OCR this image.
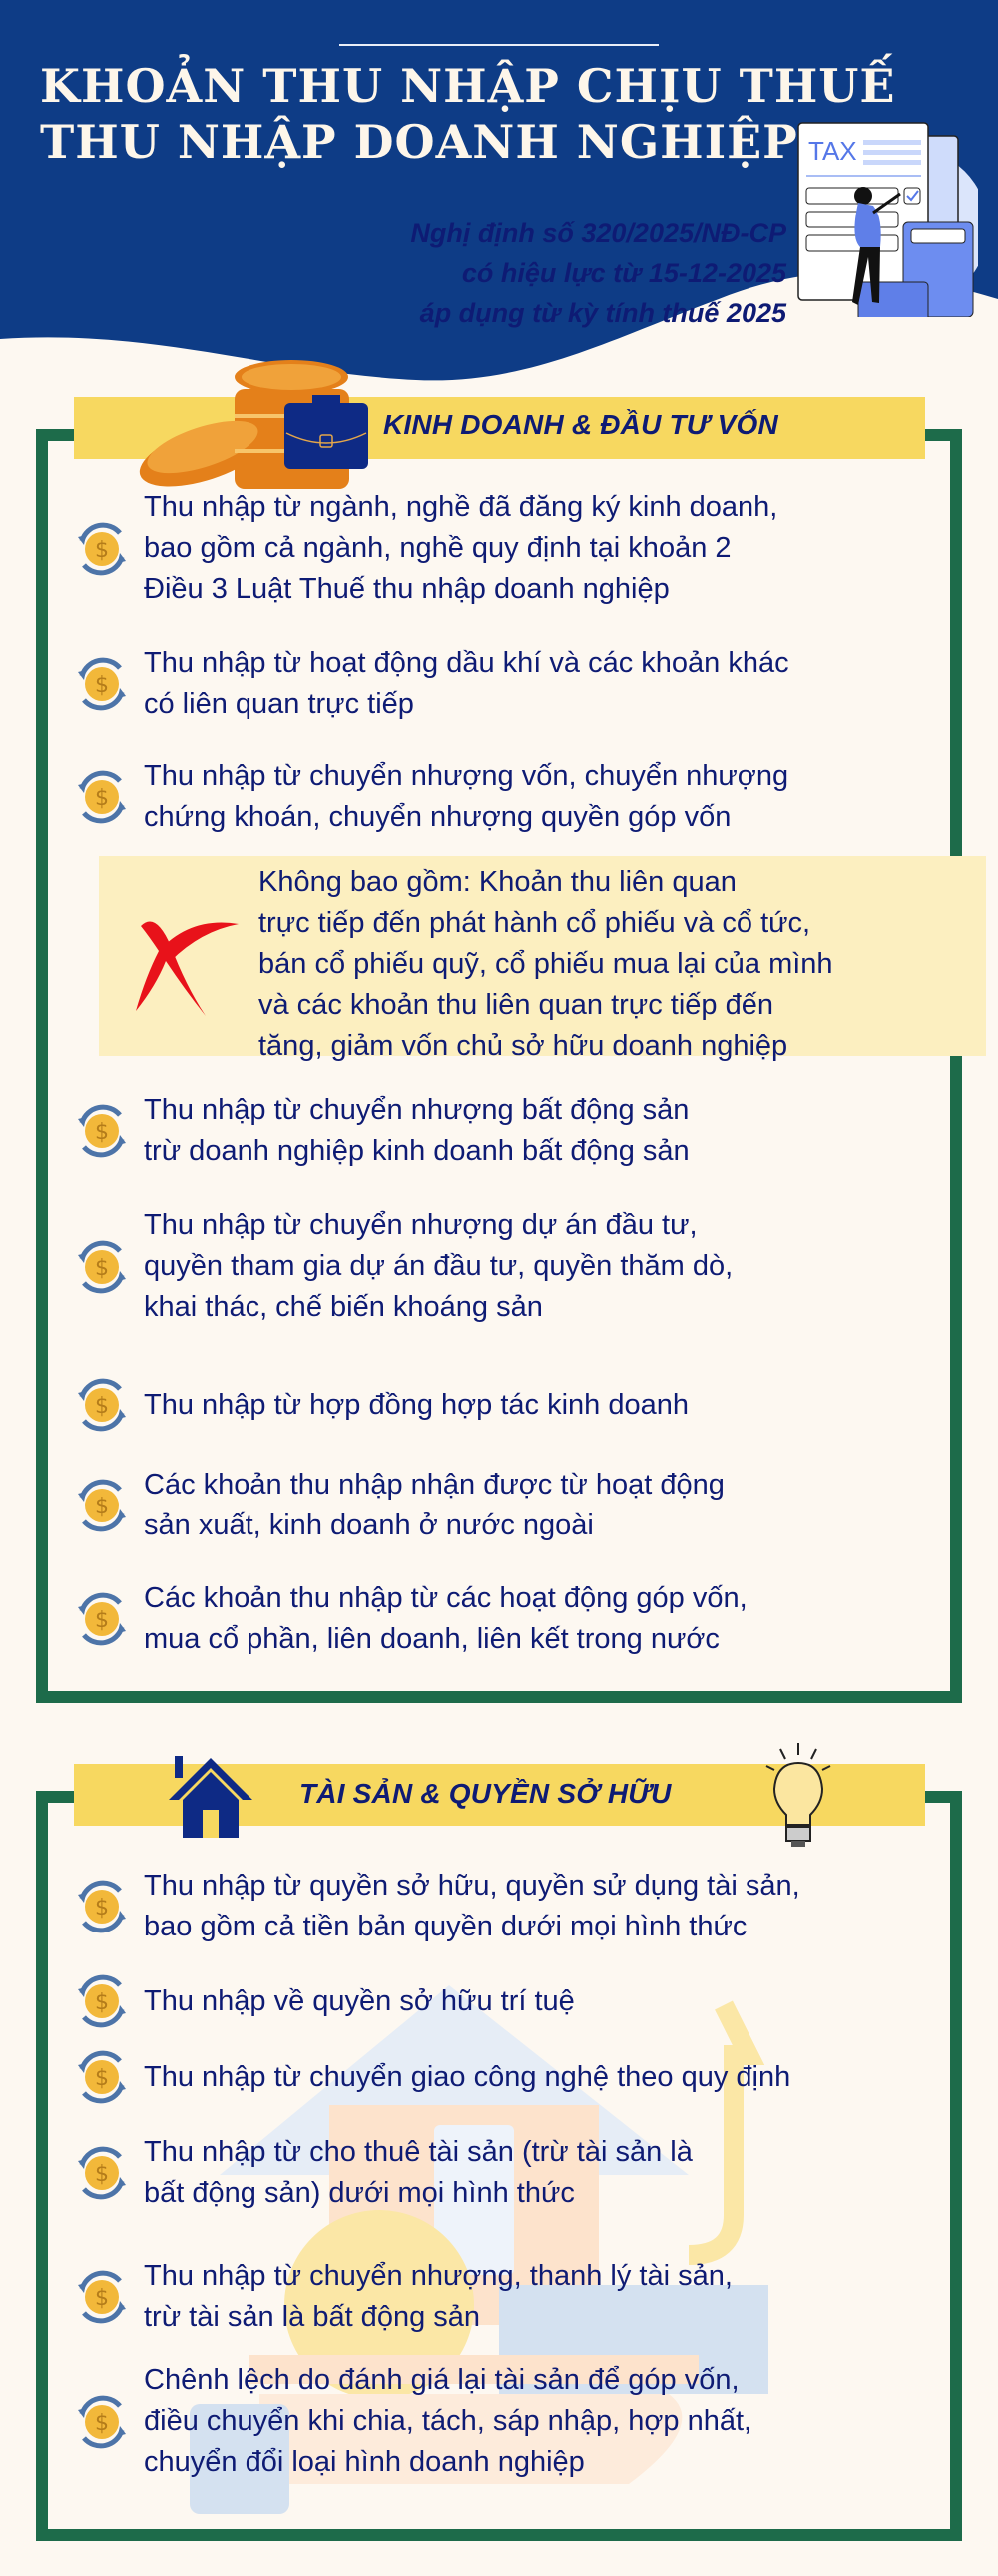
KHOẢN THU NHẬP CHỊU THUẾ
THU NHẬP DOANH NGHIỆP
Nghị định số 320/2025/NĐ-CP
có hiệu lực từ 15-12-2025
áp dụng từ kỳ tính thuế 2025
TAX
KINH DOANH & ĐẦU TƯ VỐN
$
Thu nhập từ ngành, nghề đã đăng ký kinh doanh,
bao gồm cả ngành, nghề quy định tại khoản 2
Điều 3 Luật Thuế thu nhập doanh nghiệp
$
Thu nhập từ hoạt động dầu khí và các khoản khác
có liên quan trực tiếp
$
Thu nhập từ chuyển nhượng vốn, chuyển nhượng
chứng khoán, chuyển nhượng quyền góp vốn
Không bao gồm: Khoản thu liên quan
trực tiếp đến phát hành cổ phiếu và cổ tức,
bán cổ phiếu quỹ, cổ phiếu mua lại của mình
và các khoản thu liên quan trực tiếp đến
tăng, giảm vốn chủ sở hữu doanh nghiệp
$
Thu nhập từ chuyển nhượng bất động sản
trừ doanh nghiệp kinh doanh bất động sản
$
Thu nhập từ chuyển nhượng dự án đầu tư,
quyền tham gia dự án đầu tư, quyền thăm dò,
khai thác, chế biến khoáng sản
$ Thu nhập từ hợp đồng hợp tác kinh doanh
$
Các khoản thu nhập nhận được từ hoạt động
sản xuất, kinh doanh ở nước ngoài
$
Các khoản thu nhập từ các hoạt động góp vốn,
mua cổ phần, liên doanh, liên kết trong nước
TÀI SẢN & QUYỀN SỞ HỮU
$
Thu nhập từ quyền sở hữu, quyền sử dụng tài sản,
bao gồm cả tiền bản quyền dưới mọi hình thức
$ Thu nhập về quyền sở hữu trí tuệ
$ Thu nhập từ chuyển giao công nghệ theo quy định
$
Thu nhập từ cho thuê tài sản (trừ tài sản là
bất động sản) dưới mọi hình thức
$
Thu nhập từ chuyển nhượng, thanh lý tài sản,
trừ tài sản là bất động sản
$
Chênh lệch do đánh giá lại tài sản để góp vốn,
điều chuyển khi chia, tách, sáp nhập, hợp nhất,
chuyển đổi loại hình doanh nghiệp
